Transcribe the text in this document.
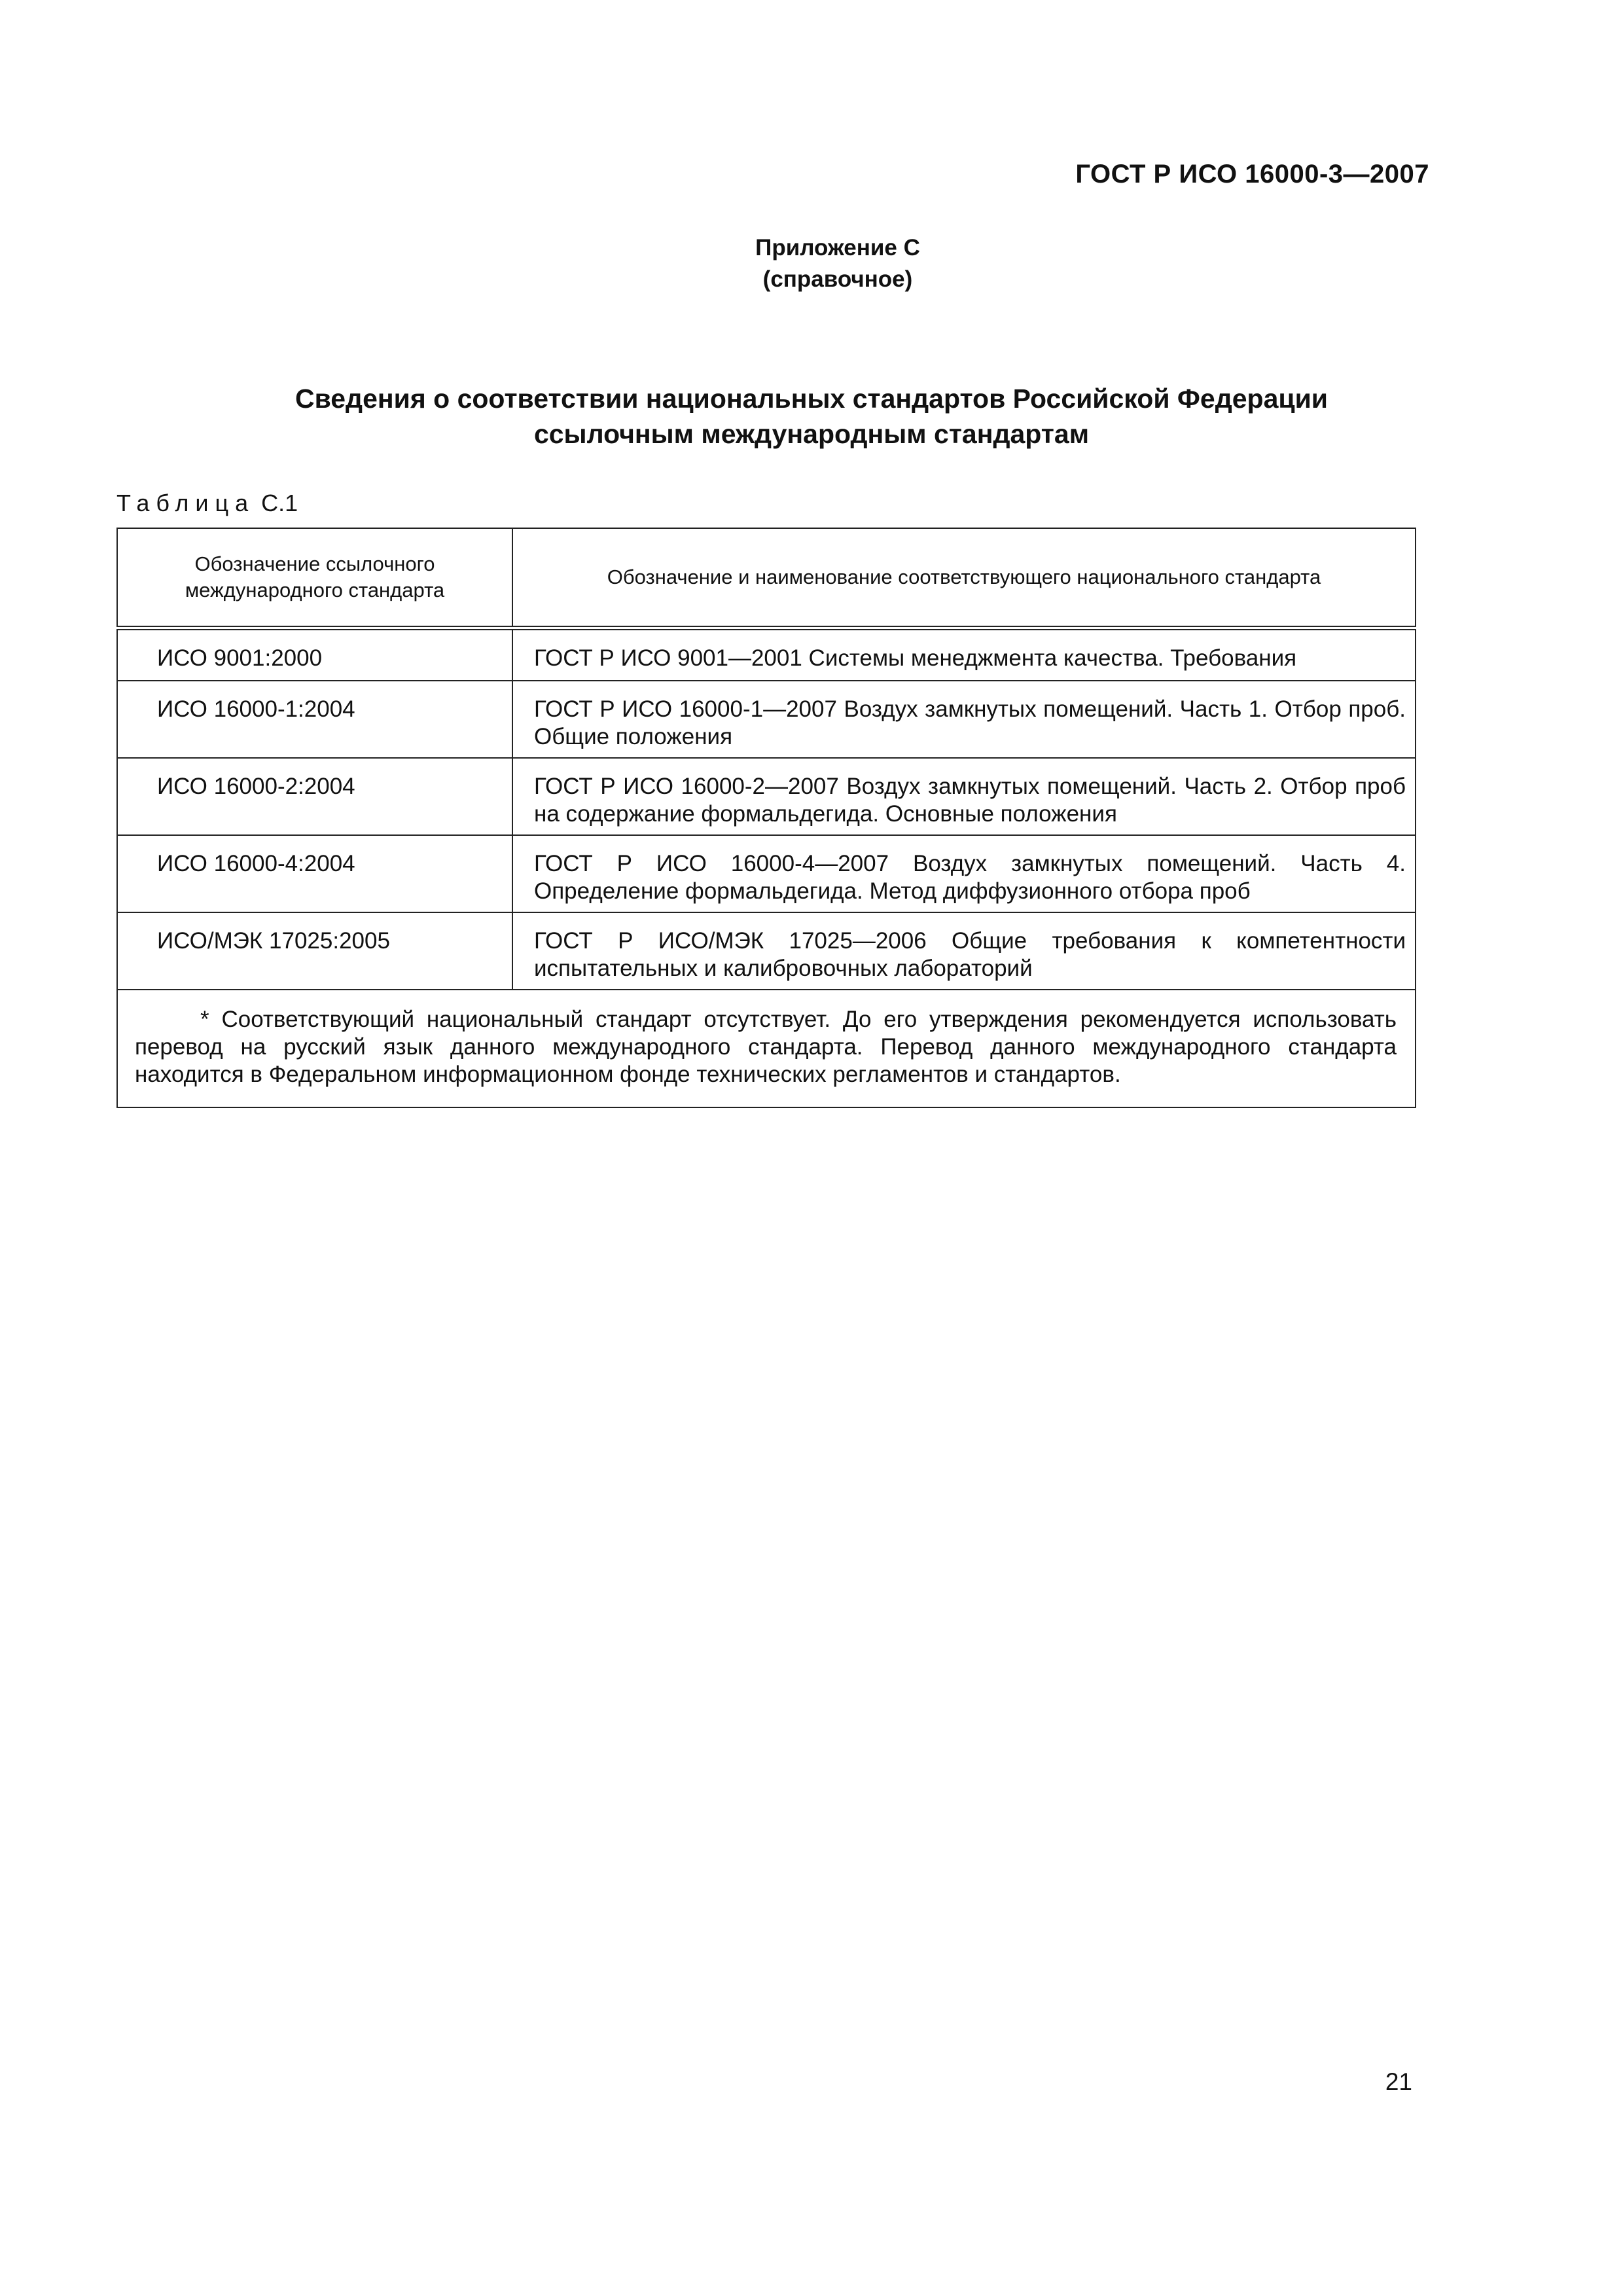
ГОСТ Р ИСО 16000-3—2007
Приложение С
(справочное)
Сведения о соответствии национальных стандартов Российской Федерации
ссылочным международным стандартам
Таблица С.1
Обозначение ссылочного международного стандарта	Обозначение и наименование соответствующего национального стандарта
ИСО 9001:2000	ГОСТ Р ИСО 9001—2001 Системы менеджмента качества. Требования
ИСО 16000-1:2004	ГОСТ Р ИСО 16000-1—2007 Воздух замкнутых помещений. Часть 1. Отбор проб. Общие положения
ИСО 16000-2:2004	ГОСТ Р ИСО 16000-2—2007 Воздух замкнутых помещений. Часть 2. Отбор проб на содержание формальдегида. Основные положения
ИСО 16000-4:2004	ГОСТ Р ИСО 16000-4—2007 Воздух замкнутых помещений. Часть 4. Определение формальдегида. Метод диффузионного отбора проб
ИСО/МЭК 17025:2005	ГОСТ Р ИСО/МЭК 17025—2006 Общие требования к компетентности испытательных и калибровочных лабораторий
* Соответствующий национальный стандарт отсутствует. До его утверждения рекомендуется использовать перевод на русский язык данного международного стандарта. Перевод данного международного стандарта находится в Федеральном информационном фонде технических регламентов и стандартов.	
21
